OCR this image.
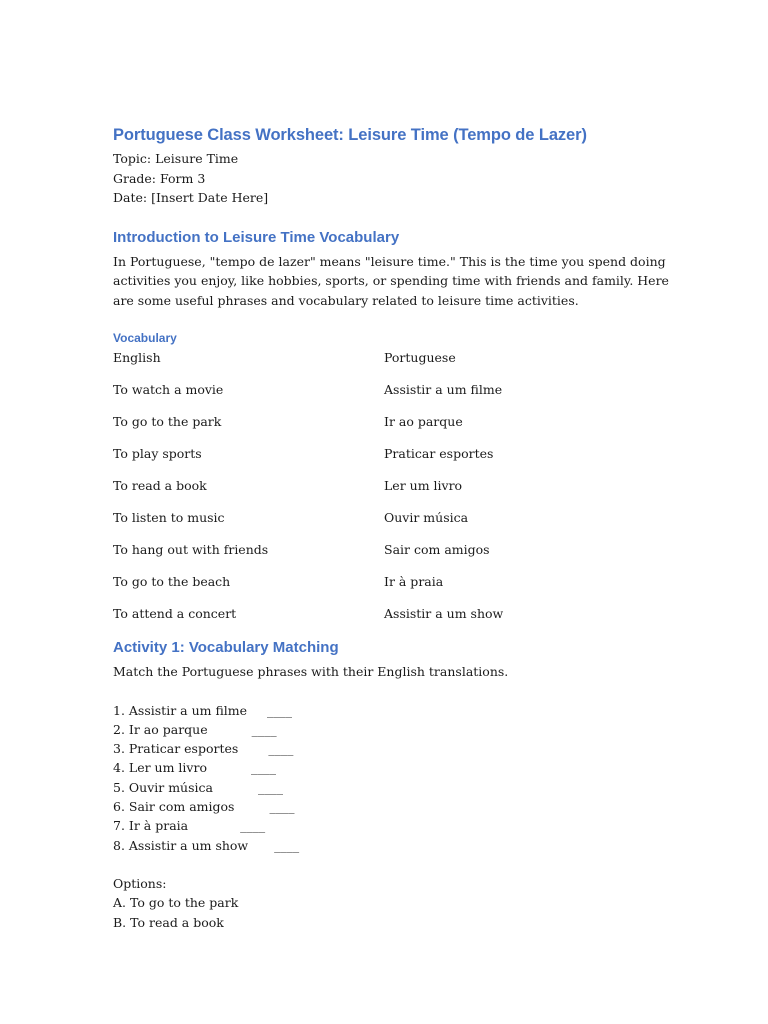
Portuguese Class Worksheet: Leisure Time (Tempo de Lazer)

Topic: Leisure Time

Grade: Form 3

Date: [Insert Date Here]

Introduction to Leisure Time Vocabulary

In Portuguese, "tempo de lazer" means "leisure time." This is the time you spend doing activities you enjoy, like hobbies, sports, or spending time with friends and family. Here are some useful phrases and vocabulary related to leisure time activities.

Vocabulary
English	Portuguese
To watch a movie	Assistir a um filme
To go to the park	Ir ao parque
To play sports	Praticar esportes
To read a book	Ler um livro
To listen to music	Ouvir música
To hang out with friends	Sair com amigos
To go to the beach	Ir à praia
To attend a concert	Assistir a um show
Activity 1: Vocabulary Matching

Match the Portuguese phrases with their English translations.

1. Assistir a um filme ____
2. Ir ao parque	____
3. Praticar esportes ____
4. Ler um livro	____
5. Ouvir música	____
6. Sair com amigos	____
7. Ir à praia	____
8. Assistir a um show ____

Options:

A. To go to the park

B. To read a book
